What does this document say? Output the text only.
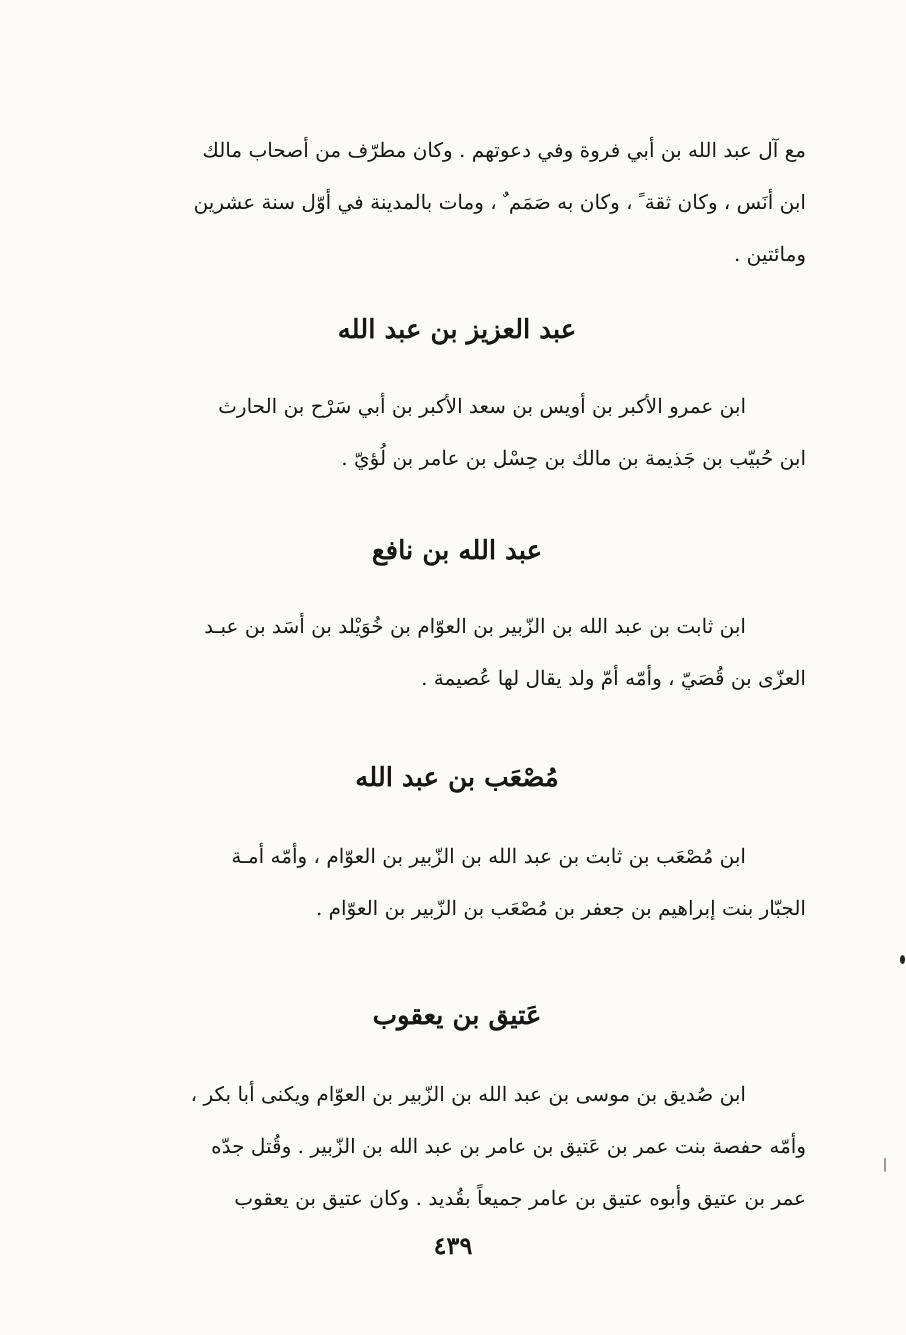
مع آل عبد الله بن أبي فروة وفي دعوتهم . وكان مطرّف من أصحاب مالك

ابن أنَس ، وكان ثقة ً ، وكان به صَمَم ٌ ، ومات بالمدينة في أوّل سنة عشرين

ومائتين .

عبد العزيز بن عبد الله

ابن عمرو الأكبر بن أويس بن سعد الأكبر بن أبي سَرْح بن الحارث

ابن حُبيّب بن جَذيمة بن مالك بن حِسْل بن عامر بن لُؤيّ .

عبد الله بن نافع

ابن ثابت بن عبد الله بن الزّبير بن العوّام بن خُوَيْلد بن أسَد بن عبـد

العزّى بن قُصَيّ ، وأمّه أمّ ولد يقال لها عُصيمة .

مُصْعَب بن عبد الله

ابن مُصْعَب بن ثابت بن عبد الله بن الزّبير بن العوّام ، وأمّه أمـة

الجبّار بنت إبراهيم بن جعفر بن مُصْعَب بن الزّبير بن العوّام .

عَتيق بن يعقوب

ابن صُديق بن موسى بن عبد الله بن الزّبير بن العوّام ويكنى أبا بكر ،

وأمّه حفصة بنت عمر بن عَتيق بن عامر بن عبد الله بن الزّبير . وقُتل جدّه

عمر بن عتيق وأبوه عتيق بن عامر جميعاً بقُديد . وكان عتيق بن يعقوب

٤٣٩
